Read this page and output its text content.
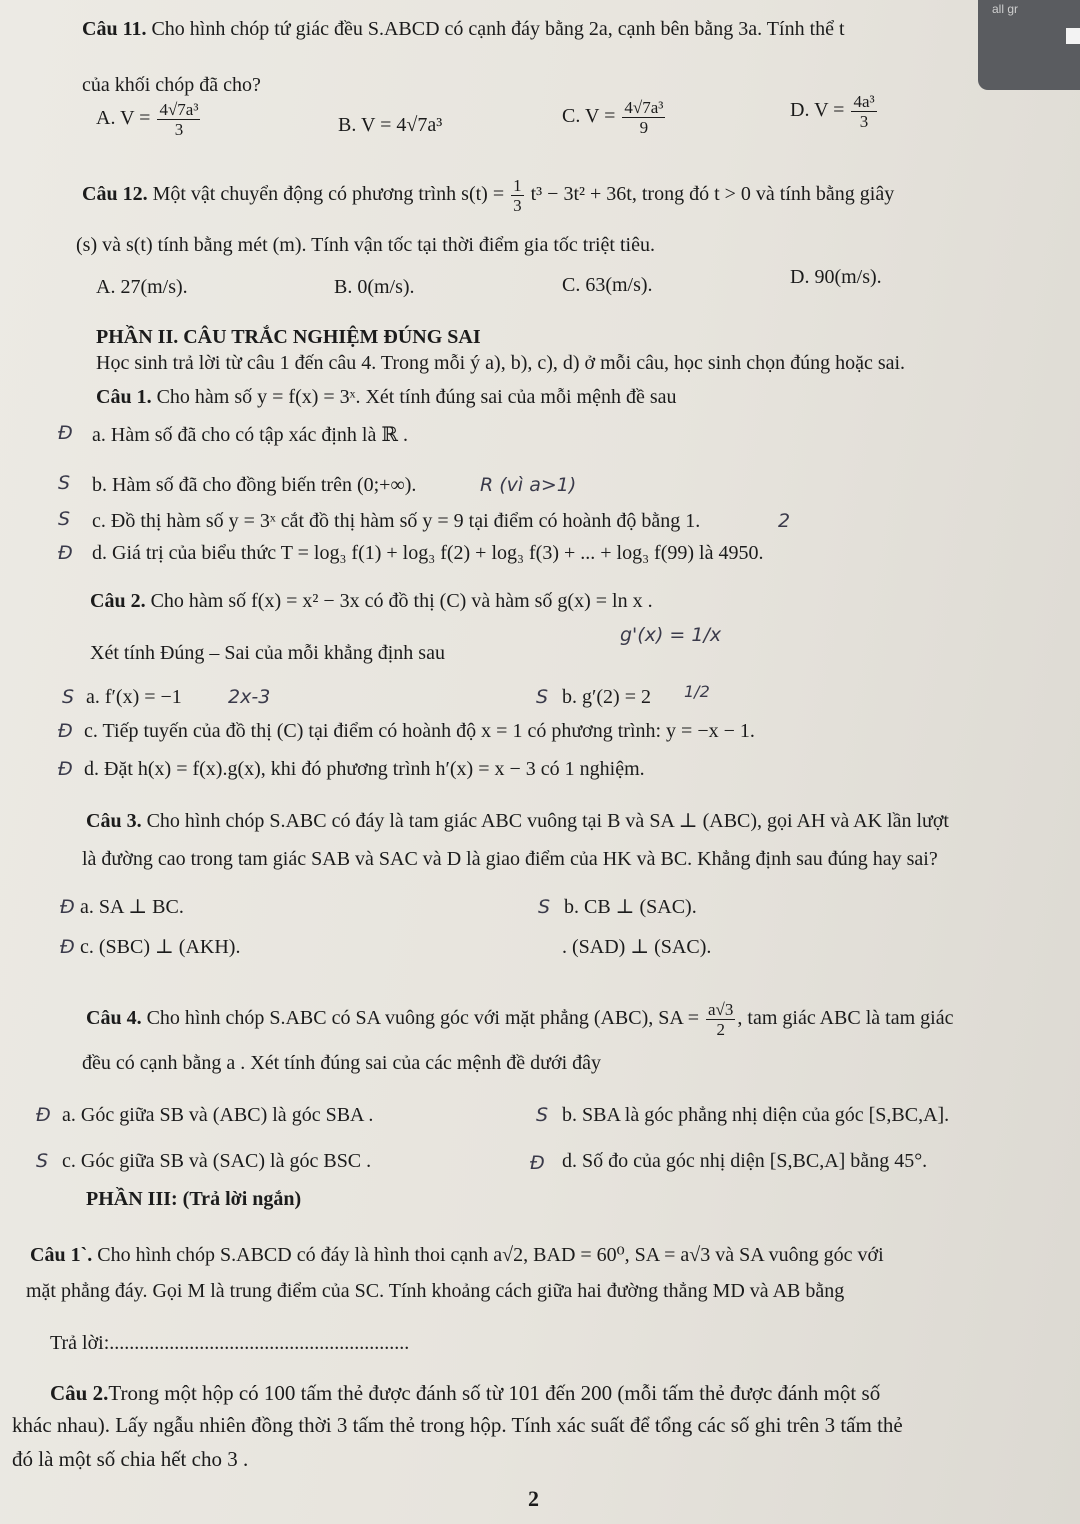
all gr
Câu 11. Cho hình chóp tứ giác đều S.ABCD có cạnh đáy bằng 2a, cạnh bên bằng 3a. Tính thể t
của khối chóp đã cho?
A. $V = \frac{\text{4√7a³}}{3}$	B. V = 4√7a³	C. $V = \frac{\text{4√7a³}}{9}$	D. $V = \frac{\text{4a³}}{3}$
Câu 12. Một vật chuyển động có phương trình $s(t) = \frac{1}{3} t^3 - 3t^2 + 36t$, trong đó t > 0 và tính bằng giây
(s) và s(t) tính bằng mét (m). Tính vận tốc tại thời điểm gia tốc triệt tiêu.
A. 27(m/s).	B. 0(m/s).	C. 63(m/s).	D. 90(m/s).
PHẦN II. CÂU TRẮC NGHIỆM ĐÚNG SAI
Học sinh trả lời từ câu 1 đến câu 4. Trong mỗi ý a), b), c), d) ở mỗi câu, học sinh chọn đúng hoặc sai.
Câu 1. Cho hàm số y = f(x) = 3ˣ. Xét tính đúng sai của mỗi mệnh đề sau
Đ a. Hàm số đã cho có tập xác định là ℝ .
S b. Hàm số đã cho đồng biến trên (0;+∞).	R (vì a>1)
S c. Đồ thị hàm số y = 3ˣ cắt đồ thị hàm số y = 9 tại điểm có hoành độ bằng 1.	2
Đ d. Giá trị của biểu thức T = log₃ f(1) + log₃ f(2) + log₃ f(3) + ... + log₃ f(99) là 4950.
Câu 2. Cho hàm số f(x) = x² − 3x có đồ thị (C) và hàm số g(x) = ln x .
g'(x) = 1/x
Xét tính Đúng – Sai của mỗi khẳng định sau
S a. f′(x) = −1 2x-3	S b. g′(2) = 2 1/2
Đ c. Tiếp tuyến của đồ thị (C) tại điểm có hoành độ x = 1 có phương trình: y = −x − 1.
Đ d. Đặt h(x) = f(x).g(x), khi đó phương trình h′(x) = x − 3 có 1 nghiệm.
Câu 3. Cho hình chóp S.ABC có đáy là tam giác ABC vuông tại B và SA ⊥ (ABC), gọi AH và AK lần lượt
là đường cao trong tam giác SAB và SAC và D là giao điểm của HK và BC. Khẳng định sau đúng hay sai?
Đ a. SA ⊥ BC.	S b. CB ⊥ (SAC).
Đ c. (SBC) ⊥ (AKH).	. (SAD) ⊥ (SAC).
Câu 4. Cho hình chóp S.ABC có SA vuông góc với mặt phẳng (ABC), SA = $\frac{a√3}{2}$ , tam giác ABC là tam giác
đều có cạnh bằng a . Xét tính đúng sai của các mệnh đề dưới đây
Đ a. Góc giữa SB và (ABC) là góc SBA .	S b. SBA là góc phẳng nhị diện của góc [S,BC,A].
S c. Góc giữa SB và (SAC) là góc BSC .	Đ d. Số đo của góc nhị diện [S,BC,A] bằng 45°.
PHẦN III: (Trả lời ngắn)
Câu 1`. Cho hình chóp S.ABCD có đáy là hình thoi cạnh a√2, BAD = 60⁰, SA = a√3 và SA vuông góc với
mặt phẳng đáy. Gọi M là trung điểm của SC. Tính khoảng cách giữa hai đường thẳng MD và AB bằng
Trả lời:............................................................
Câu 2.Trong một hộp có 100 tấm thẻ được đánh số từ 101 đến 200 (mỗi tấm thẻ được đánh một số
khác nhau). Lấy ngẫu nhiên đồng thời 3 tấm thẻ trong hộp. Tính xác suất để tổng các số ghi trên 3 tấm thẻ
đó là một số chia hết cho 3 .
2
